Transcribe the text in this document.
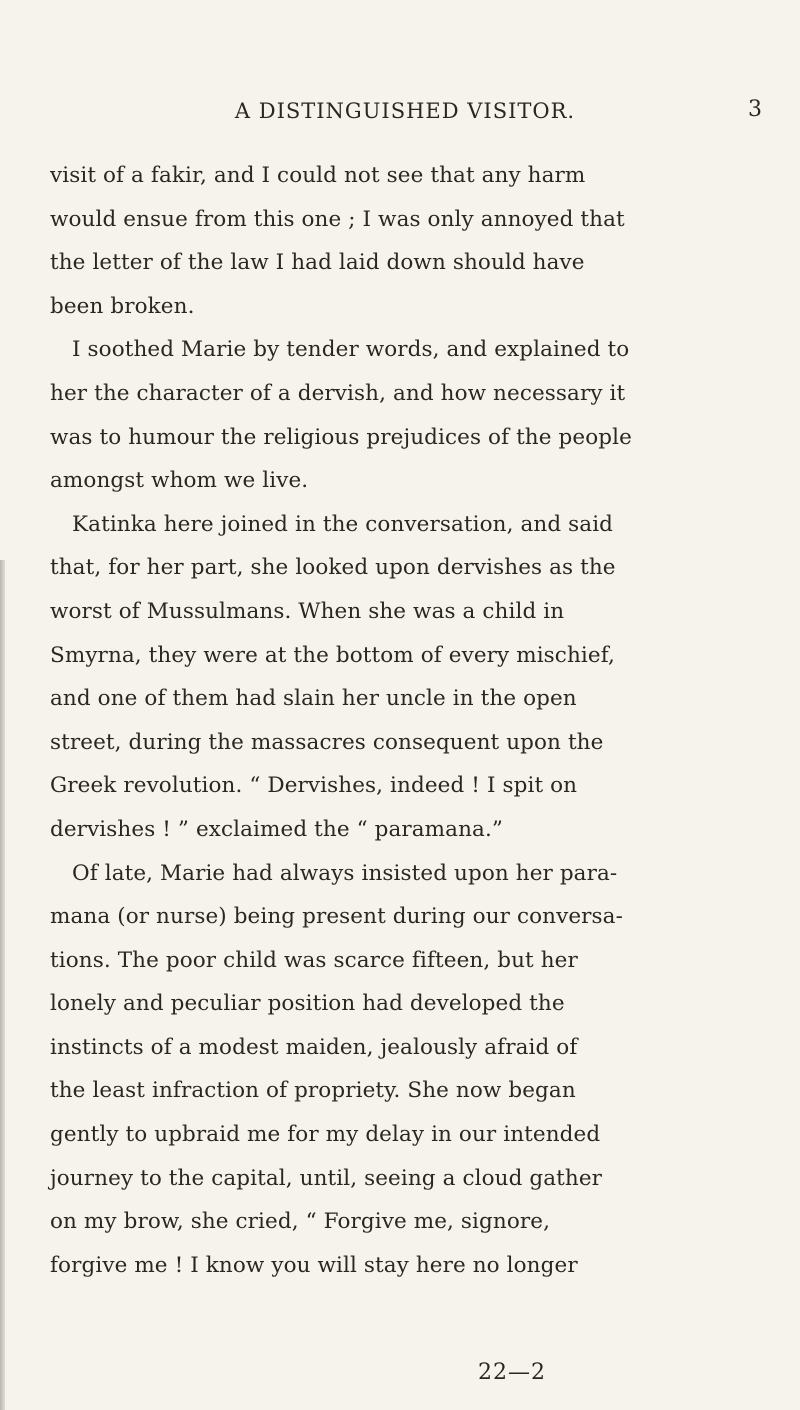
A DISTINGUISHED VISITOR.	3
visit of a fakir, and I could not see that any harm
would ensue from this one ; I was only annoyed that
the letter of the law I had laid down should have
been broken.
I soothed Marie by tender words, and explained to
her the character of a dervish, and how necessary it
was to humour the religious prejudices of the people
amongst whom we live.
Katinka here joined in the conversation, and said
that, for her part, she looked upon dervishes as the
worst of Mussulmans. When she was a child in
Smyrna, they were at the bottom of every mischief,
and one of them had slain her uncle in the open
street, during the massacres consequent upon the
Greek revolution. “ Dervishes, indeed ! I spit on
dervishes ! ” exclaimed the “ paramana.”
Of late, Marie had always insisted upon her para-
mana (or nurse) being present during our conversa-
tions. The poor child was scarce fifteen, but her
lonely and peculiar position had developed the
instincts of a modest maiden, jealously afraid of
the least infraction of propriety. She now began
gently to upbraid me for my delay in our intended
journey to the capital, until, seeing a cloud gather
on my brow, she cried, “ Forgive me, signore,
forgive me ! I know you will stay here no longer
22—2
